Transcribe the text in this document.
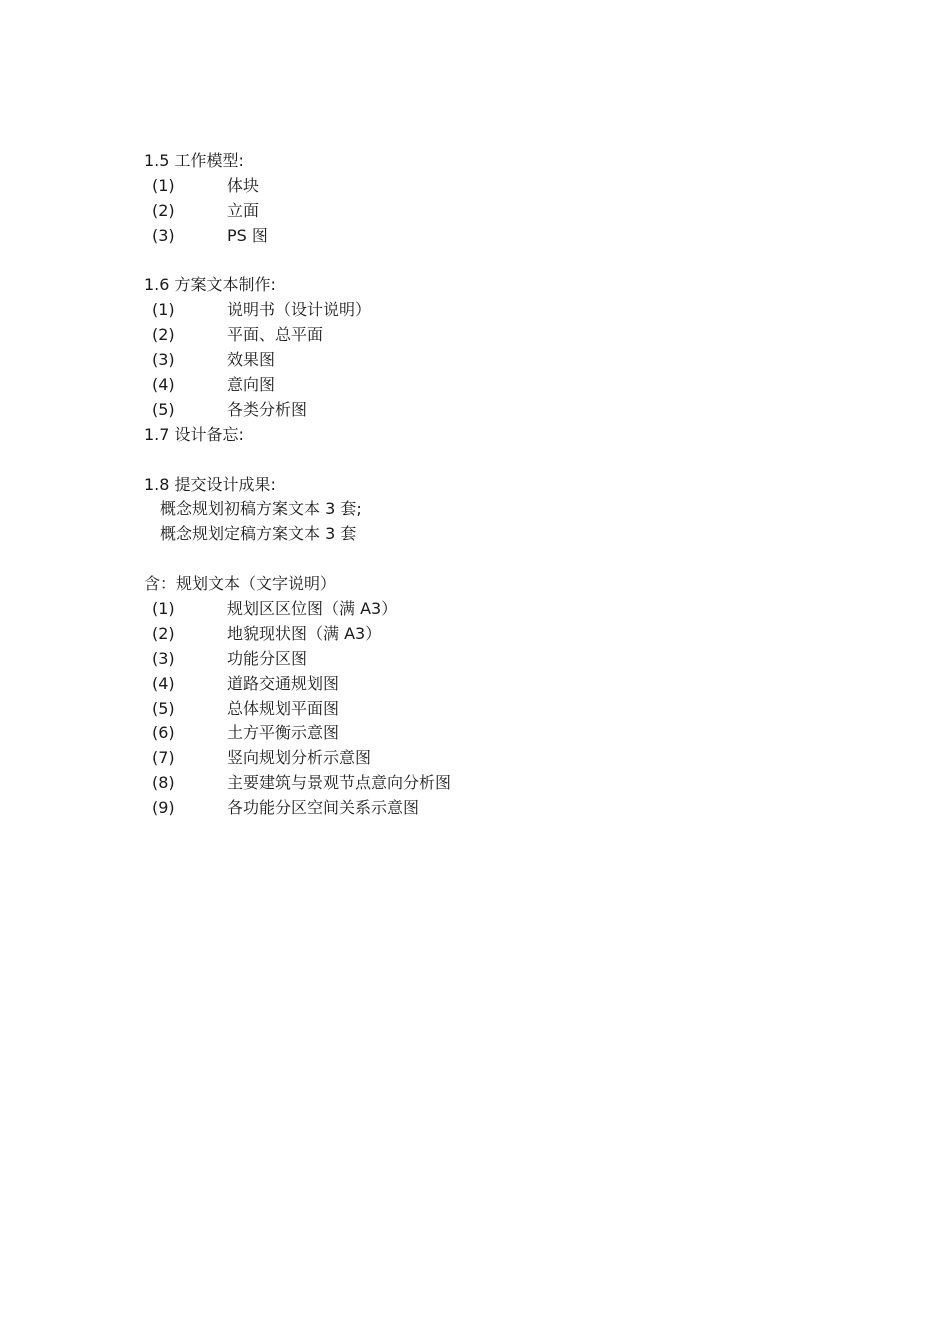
1.5 工作模型:
(1)	体块
(2)	立面
(3)	PS 图
1.6 方案文本制作:
(1)	说明书（设计说明）
(2)	平面、总平面
(3)	效果图
(4)	意向图
(5)	各类分析图
1.7 设计备忘:
1.8 提交设计成果:
概念规划初稿方案文本 3 套;
概念规划定稿方案文本 3 套
含：规划文本（文字说明）
(1)	规划区区位图（满 A3）
(2)	地貌现状图（满 A3）
(3)	功能分区图
(4)	道路交通规划图
(5)	总体规划平面图
(6)	土方平衡示意图
(7)	竖向规划分析示意图
(8)	主要建筑与景观节点意向分析图
(9)	各功能分区空间关系示意图
